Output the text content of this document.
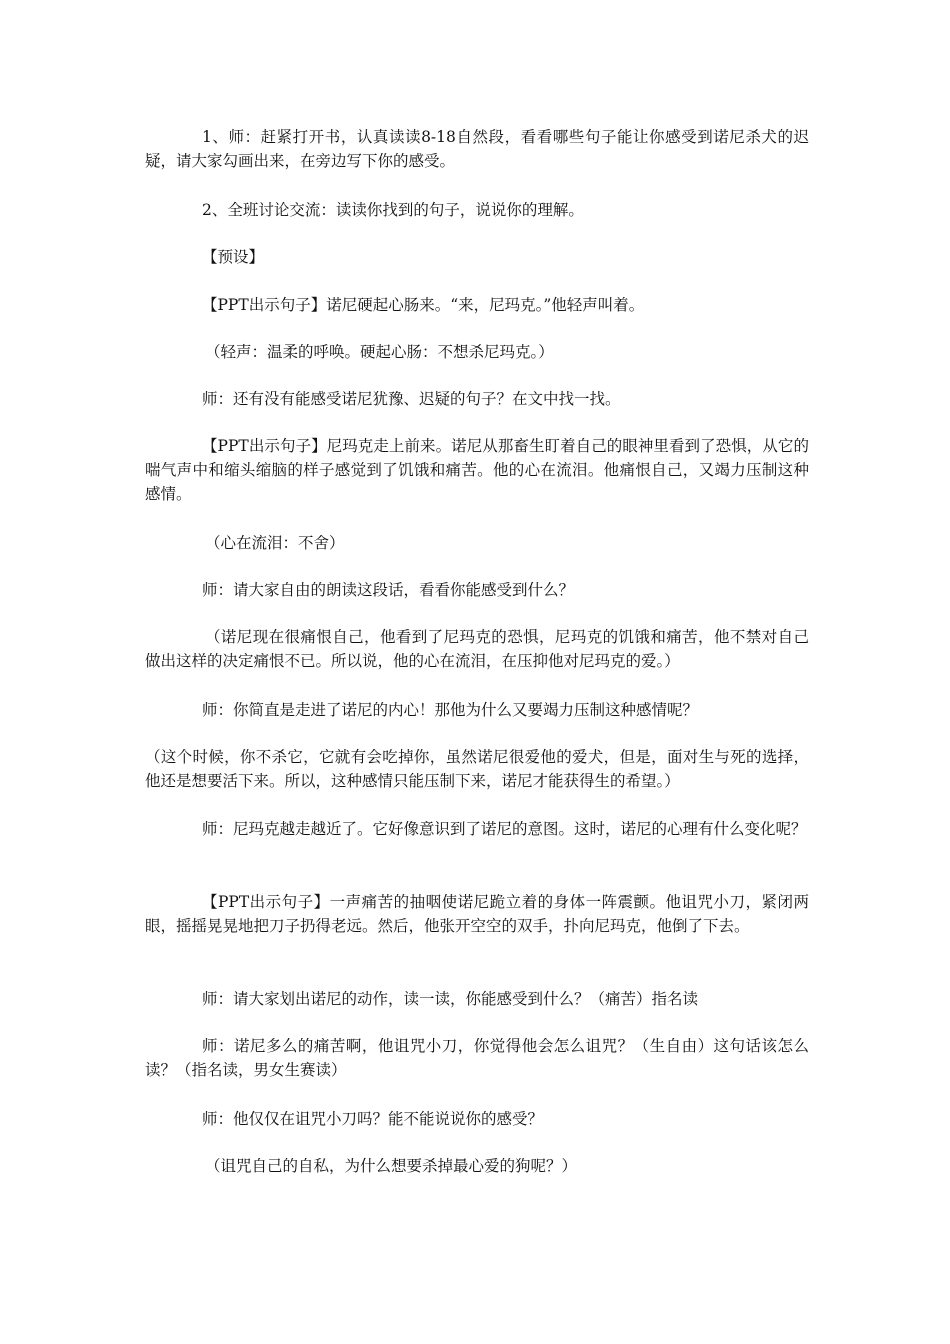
1、师：赶紧打开书，认真读读8-18自然段，看看哪些句子能让你感受到诺尼杀犬的迟疑，请大家勾画出来，在旁边写下你的感受。

2、全班讨论交流：读读你找到的句子，说说你的理解。

【预设】

【PPT出示句子】诺尼硬起心肠来。“来，尼玛克。”他轻声叫着。

（轻声：温柔的呼唤。硬起心肠：不想杀尼玛克。）

师：还有没有能感受诺尼犹豫、迟疑的句子？在文中找一找。

【PPT出示句子】尼玛克走上前来。诺尼从那畜生盯着自己的眼神里看到了恐惧，从它的喘气声中和缩头缩脑的样子感觉到了饥饿和痛苦。他的心在流泪。他痛恨自己，又竭力压制这种感情。

（心在流泪：不舍）

师：请大家自由的朗读这段话，看看你能感受到什么？

（诺尼现在很痛恨自己，他看到了尼玛克的恐惧，尼玛克的饥饿和痛苦，他不禁对自己做出这样的决定痛恨不已。所以说，他的心在流泪，在压抑他对尼玛克的爱。）

师：你简直是走进了诺尼的内心！那他为什么又要竭力压制这种感情呢？

（这个时候，你不杀它，它就有会吃掉你，虽然诺尼很爱他的爱犬，但是，面对生与死的选择，他还是想要活下来。所以，这种感情只能压制下来，诺尼才能获得生的希望。）

师：尼玛克越走越近了。它好像意识到了诺尼的意图。这时，诺尼的心理有什么变化呢？

【PPT出示句子】一声痛苦的抽咽使诺尼跪立着的身体一阵震颤。他诅咒小刀，紧闭两眼，摇摇晃晃地把刀子扔得老远。然后，他张开空空的双手，扑向尼玛克，他倒了下去。

师：请大家划出诺尼的动作，读一读，你能感受到什么？（痛苦）指名读

师：诺尼多么的痛苦啊，他诅咒小刀，你觉得他会怎么诅咒？（生自由）这句话该怎么读？（指名读，男女生赛读）

师：他仅仅在诅咒小刀吗？能不能说说你的感受？

（诅咒自己的自私，为什么想要杀掉最心爱的狗呢？）
